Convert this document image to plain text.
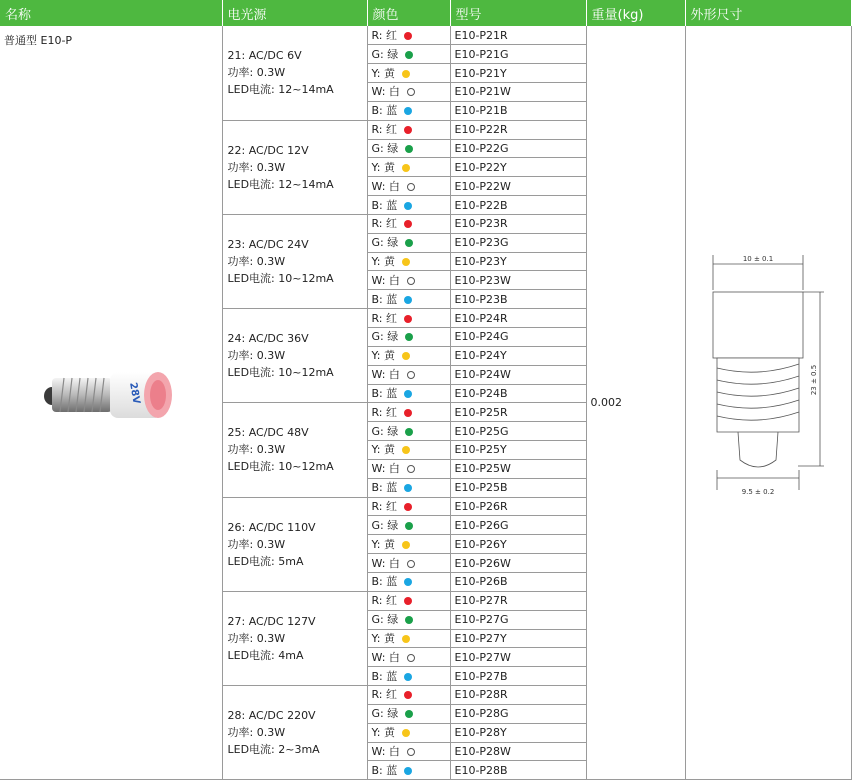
名称	电光源	颜色	型号	重量(kg)	外形尺寸
普通型 E10-P	21: AC/DC 6V
功率: 0.3W
LED电流: 12~14mA	R: 红	E10-P21R	0.002	
		G: 绿	E10-P21G		
		Y: 黄	E10-P21Y		
		W: 白	E10-P21W		
		B: 蓝	E10-P21B		

	22: AC/DC 12V
功率: 0.3W
LED电流: 12~14mA	R: 红	E10-P22R		
		G: 绿	E10-P22G		
		Y: 黄	E10-P22Y		
		W: 白	E10-P22W		
		B: 蓝	E10-P22B		

	23: AC/DC 24V
功率: 0.3W
LED电流: 10~12mA	R: 红	E10-P23R		
		G: 绿	E10-P23G		
		Y: 黄	E10-P23Y		
		W: 白	E10-P23W		
		B: 蓝	E10-P23B		

	24: AC/DC 36V
功率: 0.3W
LED电流: 10~12mA	R: 红	E10-P24R		
		G: 绿	E10-P24G		
		Y: 黄	E10-P24Y		
		W: 白	E10-P24W		
		B: 蓝	E10-P24B		

	25: AC/DC 48V
功率: 0.3W
LED电流: 10~12mA	R: 红	E10-P25R		
		G: 绿	E10-P25G		
		Y: 黄	E10-P25Y		
		W: 白	E10-P25W		
		B: 蓝	E10-P25B		

	26: AC/DC 110V
功率: 0.3W
LED电流: 5mA	R: 红	E10-P26R		
		G: 绿	E10-P26G		
		Y: 黄	E10-P26Y		
		W: 白	E10-P26W		
		B: 蓝	E10-P26B		

	27: AC/DC 127V
功率: 0.3W
LED电流: 4mA	R: 红	E10-P27R		
		G: 绿	E10-P27G		
		Y: 黄	E10-P27Y		
		W: 白	E10-P27W		
		B: 蓝	E10-P27B		

	28: AC/DC 220V
功率: 0.3W
LED电流: 2~3mA	R: 红	E10-P28R		
		G: 绿	E10-P28G		
		Y: 黄	E10-P28Y		
		W: 白	E10-P28W		
		B: 蓝	E10-P28B		
28V
10 ± 0.1
23 ± 0.5
9.5 ± 0.2
